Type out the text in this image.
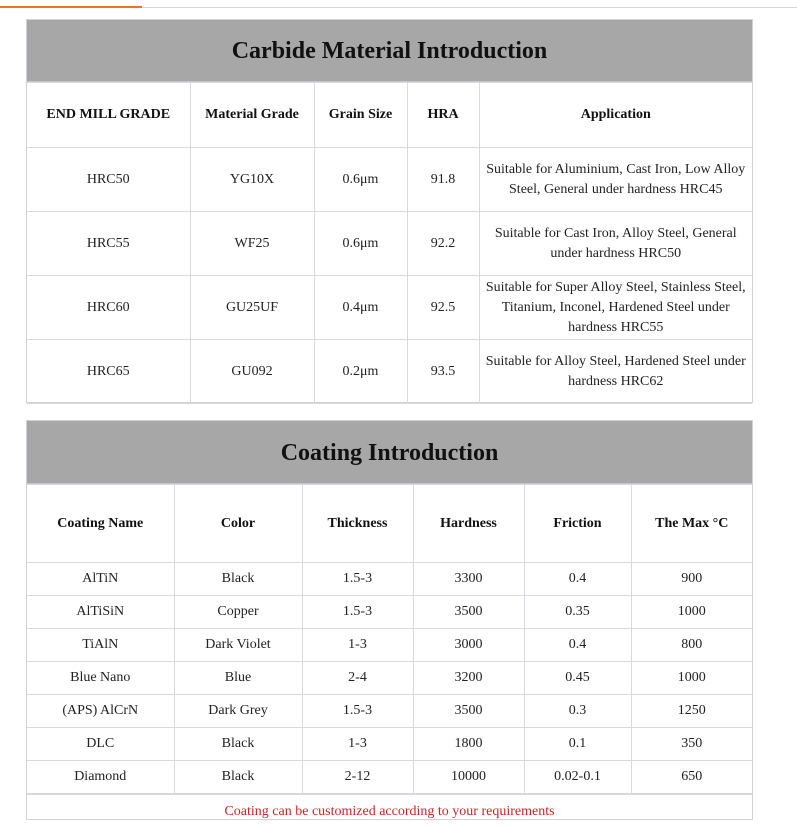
Carbide Material Introduction
END MILL GRADE	Material Grade	Grain Size	HRA	Application
HRC50	YG10X	0.6μm	91.8	Suitable for Aluminium, Cast Iron, Low Alloy Steel, General under hardness HRC45
HRC55	WF25	0.6μm	92.2	Suitable for Cast Iron, Alloy Steel, General under hardness HRC50
HRC60	GU25UF	0.4μm	92.5	Suitable for Super Alloy Steel, Stainless Steel, Titanium, Inconel, Hardened Steel under hardness HRC55
HRC65	GU092	0.2μm	93.5	Suitable for Alloy Steel, Hardened Steel under hardness HRC62
Coating Introduction
Coating Name	Color	Thickness	Hardness	Friction	The Max °C
AlTiN	Black	1.5-3	3300	0.4	900
AlTiSiN	Copper	1.5-3	3500	0.35	1000
TiAlN	Dark Violet	1-3	3000	0.4	800
Blue Nano	Blue	2-4	3200	0.45	1000
(APS) AlCrN	Dark Grey	1.5-3	3500	0.3	1250
DLC	Black	1-3	1800	0.1	350
Diamond	Black	2-12	10000	0.02-0.1	650
Coating can be customized according to your requirements
